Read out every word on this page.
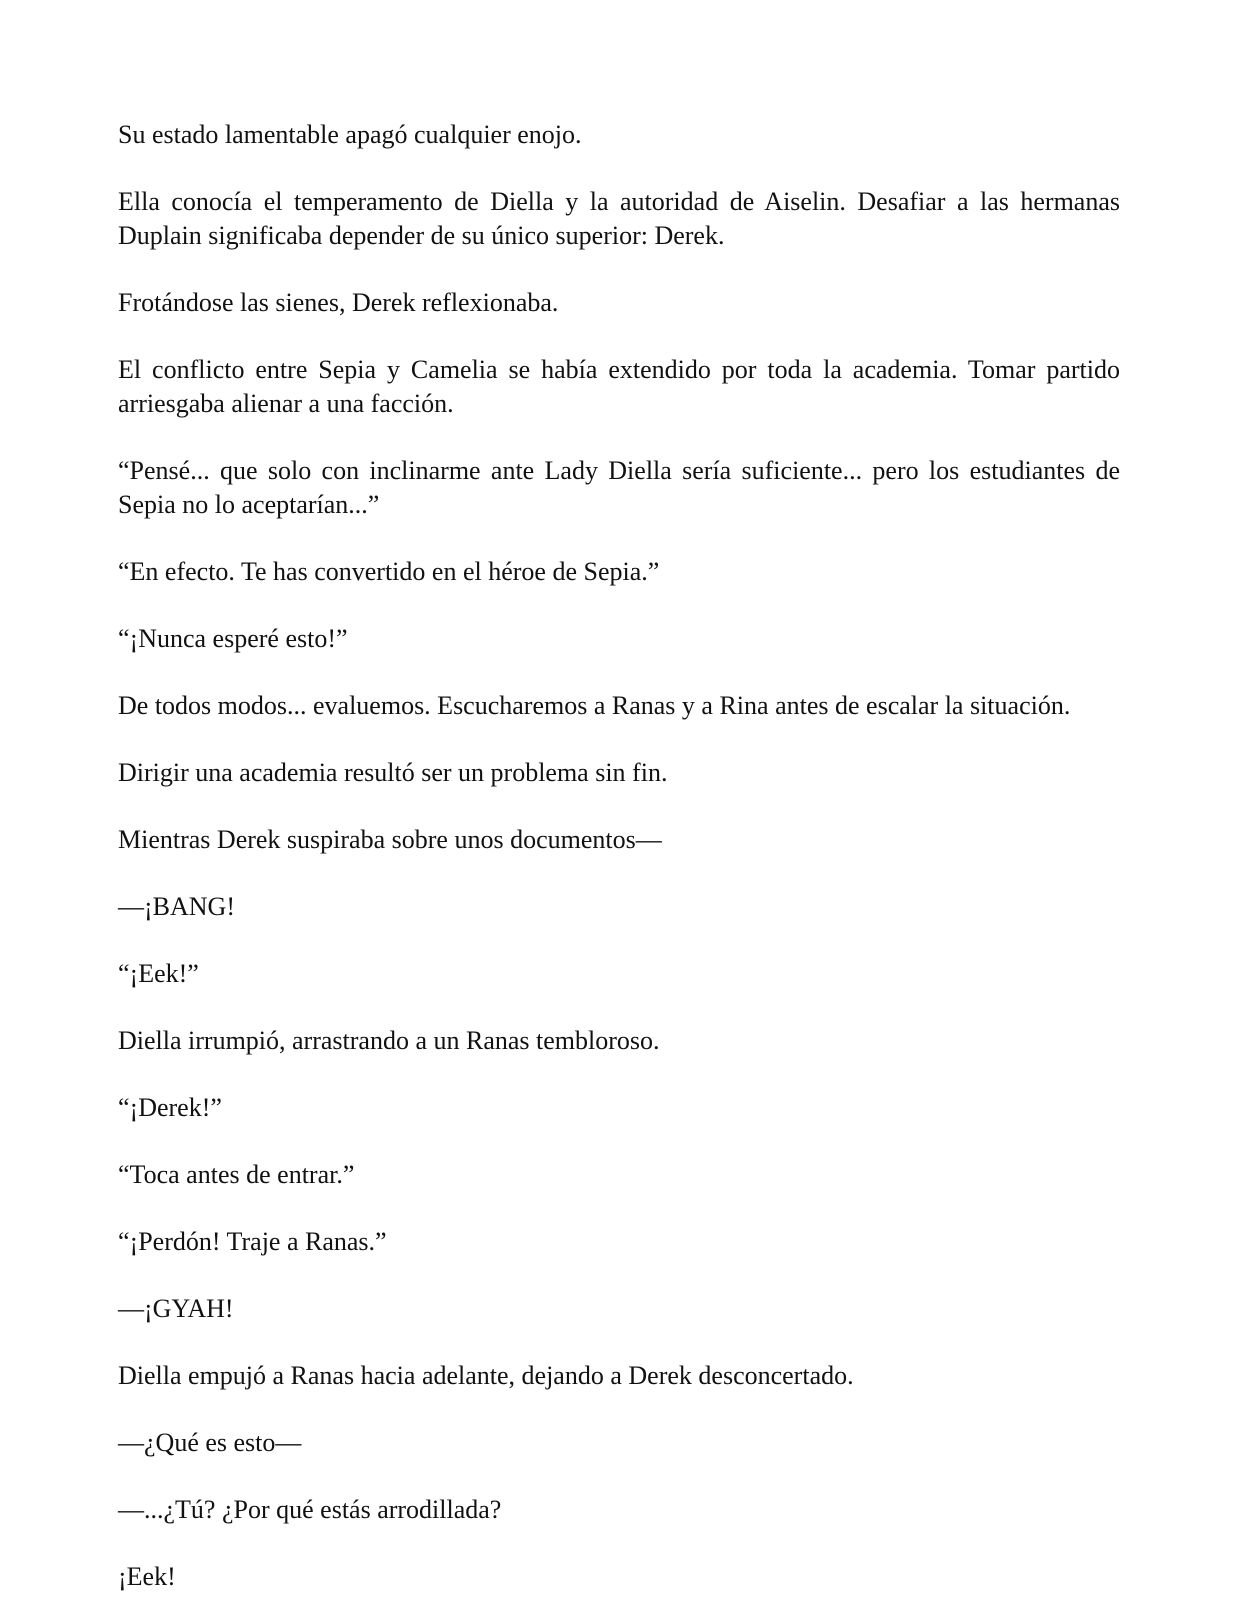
Su estado lamentable apagó cualquier enojo.

Ella conocía el temperamento de Diella y la autoridad de Aiselin. Desafiar a las hermanas Duplain significaba depender de su único superior: Derek.

Frotándose las sienes, Derek reflexionaba.

El conflicto entre Sepia y Camelia se había extendido por toda la academia. Tomar partido arriesgaba alienar a una facción.

“Pensé... que solo con inclinarme ante Lady Diella sería suficiente... pero los estudiantes de Sepia no lo aceptarían...”

“En efecto. Te has convertido en el héroe de Sepia.”

“¡Nunca esperé esto!”

De todos modos... evaluemos. Escucharemos a Ranas y a Rina antes de escalar la situación.

Dirigir una academia resultó ser un problema sin fin.

Mientras Derek suspiraba sobre unos documentos—

—¡BANG!

“¡Eek!”

Diella irrumpió, arrastrando a un Ranas tembloroso.

“¡Derek!”

“Toca antes de entrar.”

“¡Perdón! Traje a Ranas.”

—¡GYAH!

Diella empujó a Ranas hacia adelante, dejando a Derek desconcertado.

—¿Qué es esto—

—...¿Tú? ¿Por qué estás arrodillada?

¡Eek!
